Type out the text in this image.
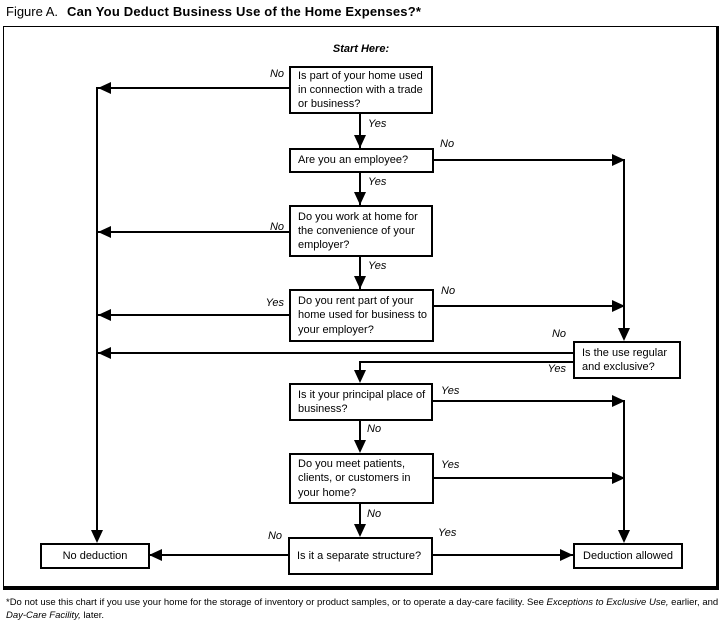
Figure A. Can You Deduct Business Use of the Home Expenses?*
Start Here:
Is part of your home used in connection with a trade or business?
Are you an employee?
Do you work at home for the convenience of your employer?
Do you rent part of your home used for business to your employer?
Is the use regular and exclusive?
Is it your principal place of business?
Do you meet patients, clients, or customers in your home?
Is it a separate structure?
No deduction	Deduction allowed
No
Yes
No
Yes
No
Yes
Yes
No
No
Yes
Yes
No
Yes
No
No	Yes
*Do not use this chart if you use your home for the storage of inventory or product samples, or to operate a day-care facility. See Exceptions to Exclusive Use, earlier, and Day-Care Facility, later.
